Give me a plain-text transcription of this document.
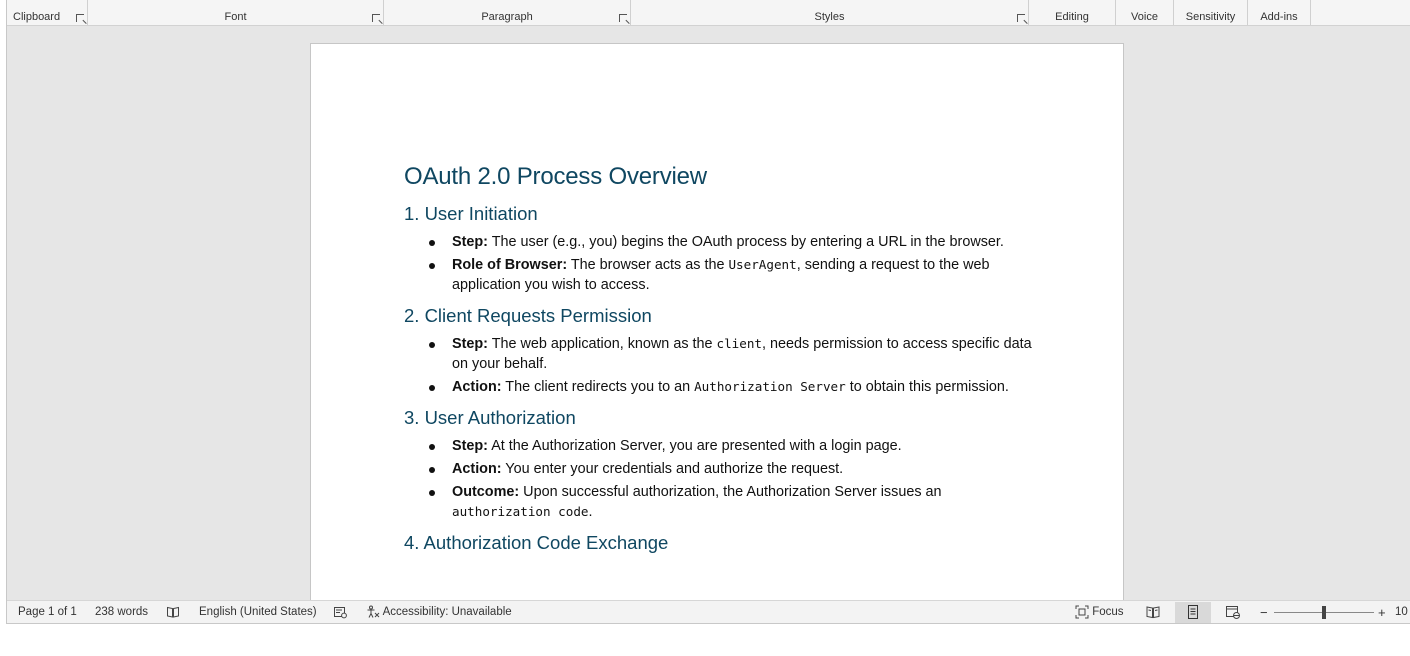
Clipboard	Font	Paragraph	Styles	Editing	Voice	Sensitivity	Add-ins
OAuth 2.0 Process Overview
1. User Initiation
Step: The user (e.g., you) begins the OAuth process by entering a URL in the browser.
Role of Browser: The browser acts as the UserAgent, sending a request to the web application you wish to access.
2. Client Requests Permission
Step: The web application, known as the client, needs permission to access specific data on your behalf.
Action: The client redirects you to an Authorization Server to obtain this permission.
3. User Authorization
Step: At the Authorization Server, you are presented with a login page.
Action: You enter your credentials and authorize the request.
Outcome: Upon successful authorization, the Authorization Server issues an authorization code.
4. Authorization Code Exchange
Page 1 of 1 238 words	English (United States)	Accessibility: Unavailable	Focus	−	+ 10
